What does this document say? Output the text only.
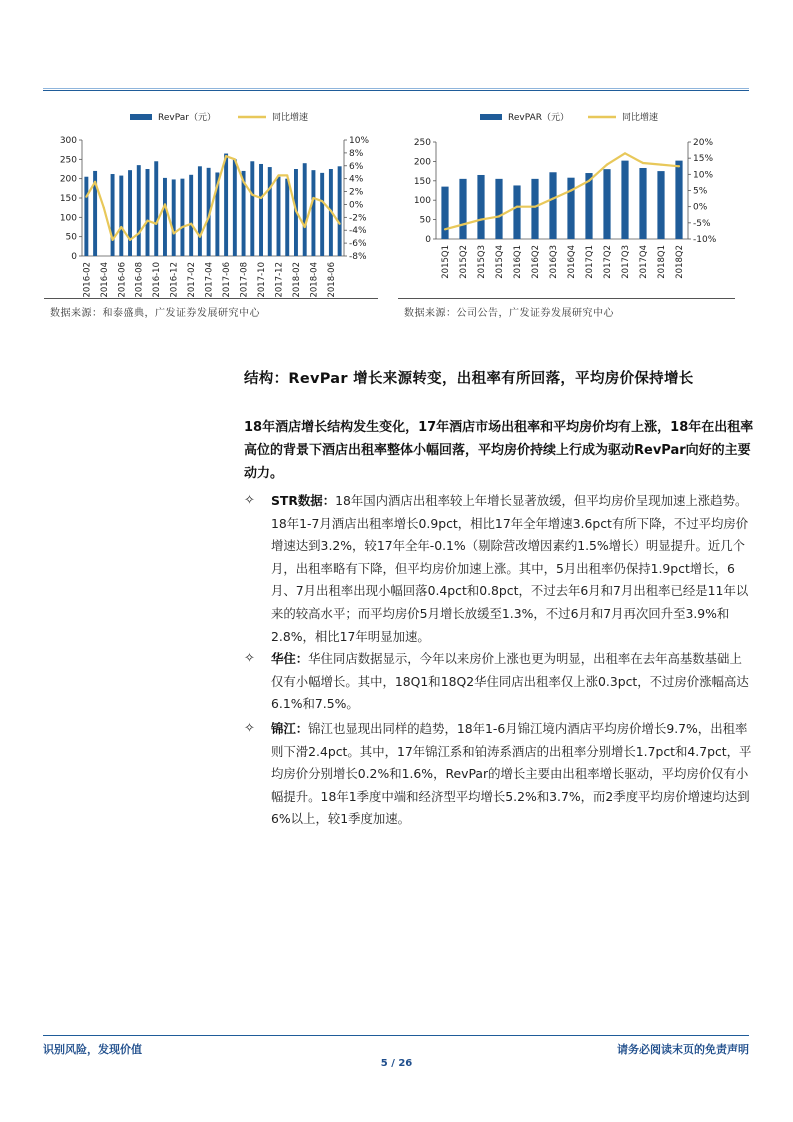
RevPar（元）	同比增速
0
50
100
150
200
250
300
-8%
-6%
-4%
-2%
0%
2%
4%
6%
8%
10%
2016-02 2016-04 2016-06 2016-08 2016-10 2016-12 2017-02 2017-04 2017-06 2017-08 2017-10 2017-12 2018-02 2018-04 2018-06
RevPAR（元）	同比增速
0
50
100
150
200
250
-10%
-5%
0%
5%
10%
15%
20%
2015Q1 2015Q2 2015Q3 2015Q4 2016Q1 2016Q2 2016Q3 2016Q4 2017Q1 2017Q2 2017Q3 2017Q4 2018Q1 2018Q2
数据来源：和泰盛典，广发证券发展研究中心	数据来源：公司公告，广发证券发展研究中心
结构：RevPar 增长来源转变，出租率有所回落，平均房价保持增长
18年酒店增长结构发生变化，17年酒店市场出租率和平均房价均有上涨，18年在出租率高位的背景下酒店出租率整体小幅回落，平均房价持续上行成为驱动RevPar向好的主要动力。
✧ STR数据：18年国内酒店出租率较上年增长显著放缓，但平均房价呈现加速上涨趋势。18年1-7月酒店出租率增长0.9pct，相比17年全年增速3.6pct有所下降，不过平均房价增速达到3.2%，较17年全年-0.1%（剔除营改增因素约1.5%增长）明显提升。近几个月，出租率略有下降，但平均房价加速上涨。其中，5月出租率仍保持1.9pct增长，6月、7月出租率出现小幅回落0.4pct和0.8pct，不过去年6月和7月出租率已经是11年以来的较高水平；而平均房价5月增长放缓至1.3%，不过6月和7月再次回升至3.9%和2.8%，相比17年明显加速。
✧ 华住：华住同店数据显示，今年以来房价上涨也更为明显，出租率在去年高基数基础上仅有小幅增长。其中，18Q1和18Q2华住同店出租率仅上涨0.3pct，不过房价涨幅高达6.1%和7.5%。
✧ 锦江：锦江也显现出同样的趋势，18年1-6月锦江境内酒店平均房价增长9.7%，出租率则下滑2.4pct。其中，17年锦江系和铂涛系酒店的出租率分别增长1.7pct和4.7pct，平均房价分别增长0.2%和1.6%，RevPar的增长主要由出租率增长驱动，平均房价仅有小幅提升。18年1季度中端和经济型平均增长5.2%和3.7%，而2季度平均房价增速均达到6%以上，较1季度加速。
识别风险，发现价值	请务必阅读末页的免责声明
5 / 26
